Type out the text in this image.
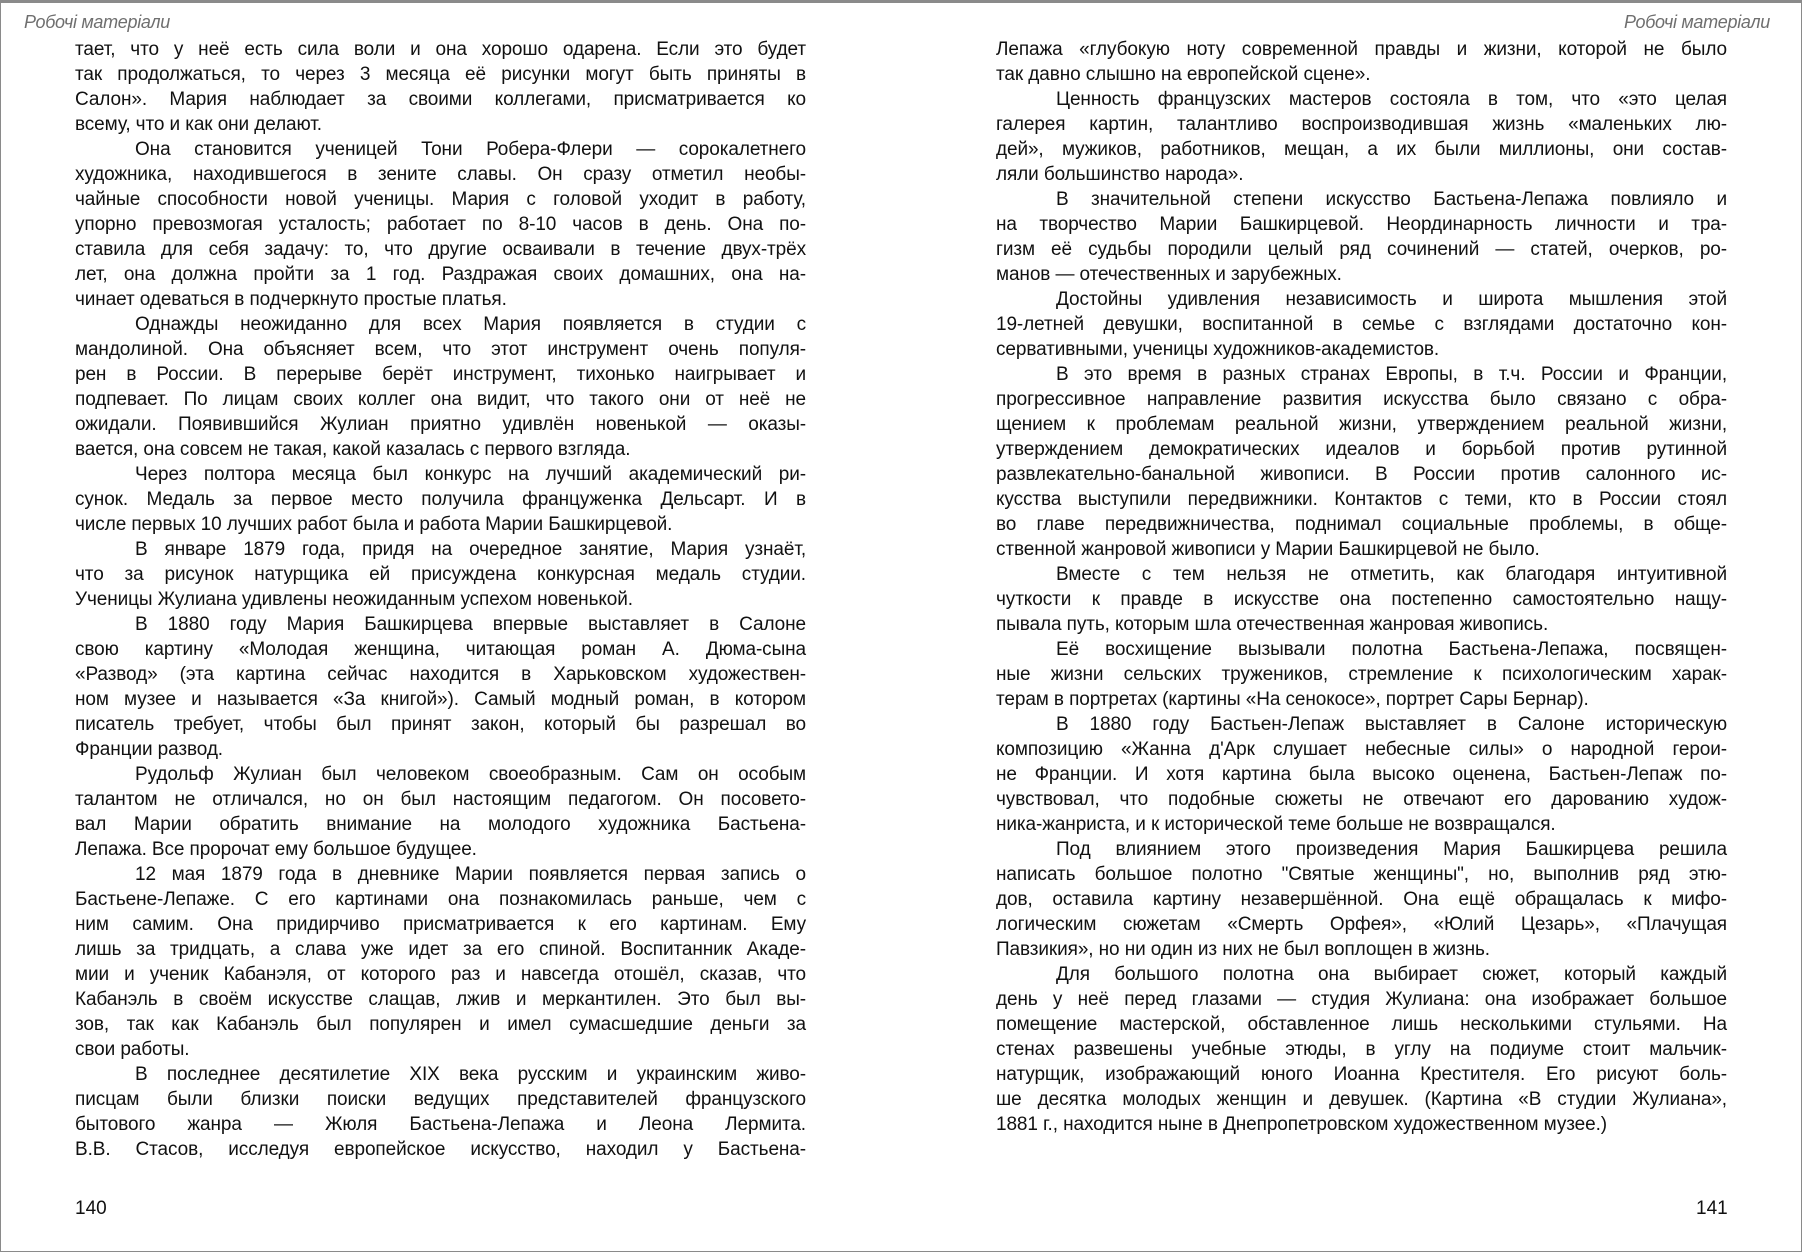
Робочі матеріали	Робочі матеріали
тает, что у неё есть сила воли и она хорошо одарена. Если это будет
так продолжаться, то через 3 месяца её рисунки могут быть приняты в
Салон». Мария наблюдает за своими коллегами, присматривается ко
всему, что и как они делают.
Она становится ученицей Тони Робера-Флери — сорокалетнего
художника, находившегося в зените славы. Он сразу отметил необы-
чайные способности новой ученицы. Мария с головой уходит в работу,
упорно превозмогая усталость; работает по 8-10 часов в день. Она по-
ставила для себя задачу: то, что другие осваивали в течение двух-трёх
лет, она должна пройти за 1 год. Раздражая своих домашних, она на-
чинает одеваться в подчеркнуто простые платья.
Однажды неожиданно для всех Мария появляется в студии с
мандолиной. Она объясняет всем, что этот инструмент очень популя-
рен в России. В перерыве берёт инструмент, тихонько наигрывает и
подпевает. По лицам своих коллег она видит, что такого они от неё не
ожидали. Появившийся Жулиан приятно удивлён новенькой — оказы-
вается, она совсем не такая, какой казалась с первого взгляда.
Через полтора месяца был конкурс на лучший академический ри-
сунок. Медаль за первое место получила француженка Дельсарт. И в
числе первых 10 лучших работ была и работа Марии Башкирцевой.
В январе 1879 года, придя на очередное занятие, Мария узнаёт,
что за рисунок натурщика ей присуждена конкурсная медаль студии.
Ученицы Жулиана удивлены неожиданным успехом новенькой.
В 1880 году Мария Башкирцева впервые выставляет в Салоне
свою картину «Молодая женщина, читающая роман А. Дюма-сына
«Развод» (эта картина сейчас находится в Харьковском художествен-
ном музее и называется «За книгой»). Самый модный роман, в котором
писатель требует, чтобы был принят закон, который бы разрешал во
Франции развод.
Рудольф Жулиан был человеком своеобразным. Сам он особым
талантом не отличался, но он был настоящим педагогом. Он посовето-
вал Марии обратить внимание на молодого художника Бастьена-
Лепажа. Все пророчат ему большое будущее.
12 мая 1879 года в дневнике Марии появляется первая запись о
Бастьене-Лепаже. С его картинами она познакомилась раньше, чем с
ним самим. Она придирчиво присматривается к его картинам. Ему
лишь за тридцать, а слава уже идет за его спиной. Воспитанник Акаде-
мии и ученик Кабанэля, от которого раз и навсегда отошёл, сказав, что
Кабанэль в своём искусстве слащав, лжив и меркантилен. Это был вы-
зов, так как Кабанэль был популярен и имел сумасшедшие деньги за
свои работы.
В последнее десятилетие XIX века русским и украинским живо-
писцам были близки поиски ведущих представителей французского
бытового жанра — Жюля Бастьена-Лепажа и Леона Лермита.
В.В. Стасов, исследуя европейское искусство, находил у Бастьена-
Лепажа «глубокую ноту современной правды и жизни, которой не было
так давно слышно на европейской сцене».
Ценность французских мастеров состояла в том, что «это целая
галерея картин, талантливо воспроизводившая жизнь «маленьких лю-
дей», мужиков, работников, мещан, а их были миллионы, они состав-
ляли большинство народа».
В значительной степени искусство Бастьена-Лепажа повлияло и
на творчество Марии Башкирцевой. Неординарность личности и тра-
гизм её судьбы породили целый ряд сочинений — статей, очерков, ро-
манов — отечественных и зарубежных.
Достойны удивления независимость и широта мышления этой
19-летней девушки, воспитанной в семье с взглядами достаточно кон-
сервативными, ученицы художников-академистов.
В это время в разных странах Европы, в т.ч. России и Франции,
прогрессивное направление развития искусства было связано с обра-
щением к проблемам реальной жизни, утверждением реальной жизни,
утверждением демократических идеалов и борьбой против рутинной
развлекательно-банальной живописи. В России против салонного ис-
кусства выступили передвижники. Контактов с теми, кто в России стоял
во главе передвижничества, поднимал социальные проблемы, в обще-
ственной жанровой живописи у Марии Башкирцевой не было.
Вместе с тем нельзя не отметить, как благодаря интуитивной
чуткости к правде в искусстве она постепенно самостоятельно нащу-
пывала путь, которым шла отечественная жанровая живопись.
Её восхищение вызывали полотна Бастьена-Лепажа, посвящен-
ные жизни сельских тружеников, стремление к психологическим харак-
терам в портретах (картины «На сенокосе», портрет Сары Бернар).
В 1880 году Бастьен-Лепаж выставляет в Салоне историческую
композицию «Жанна д'Арк слушает небесные силы» о народной герои-
не Франции. И хотя картина была высоко оценена, Бастьен-Лепаж по-
чувствовал, что подобные сюжеты не отвечают его дарованию худож-
ника-жанриста, и к исторической теме больше не возвращался.
Под влиянием этого произведения Мария Башкирцева решила
написать большое полотно "Святые женщины", но, выполнив ряд этю-
дов, оставила картину незавершённой. Она ещё обращалась к мифо-
логическим сюжетам «Смерть Орфея», «Юлий Цезарь», «Плачущая
Павзикия», но ни один из них не был воплощен в жизнь.
Для большого полотна она выбирает сюжет, который каждый
день у неё перед глазами — студия Жулиана: она изображает большое
помещение мастерской, обставленное лишь несколькими стульями. На
стенах развешены учебные этюды, в углу на подиуме стоит мальчик-
натурщик, изображающий юного Иоанна Крестителя. Его рисуют боль-
ше десятка молодых женщин и девушек. (Картина «В студии Жулиана»,
1881 г., находится ныне в Днепропетровском художественном музее.)
140	141
